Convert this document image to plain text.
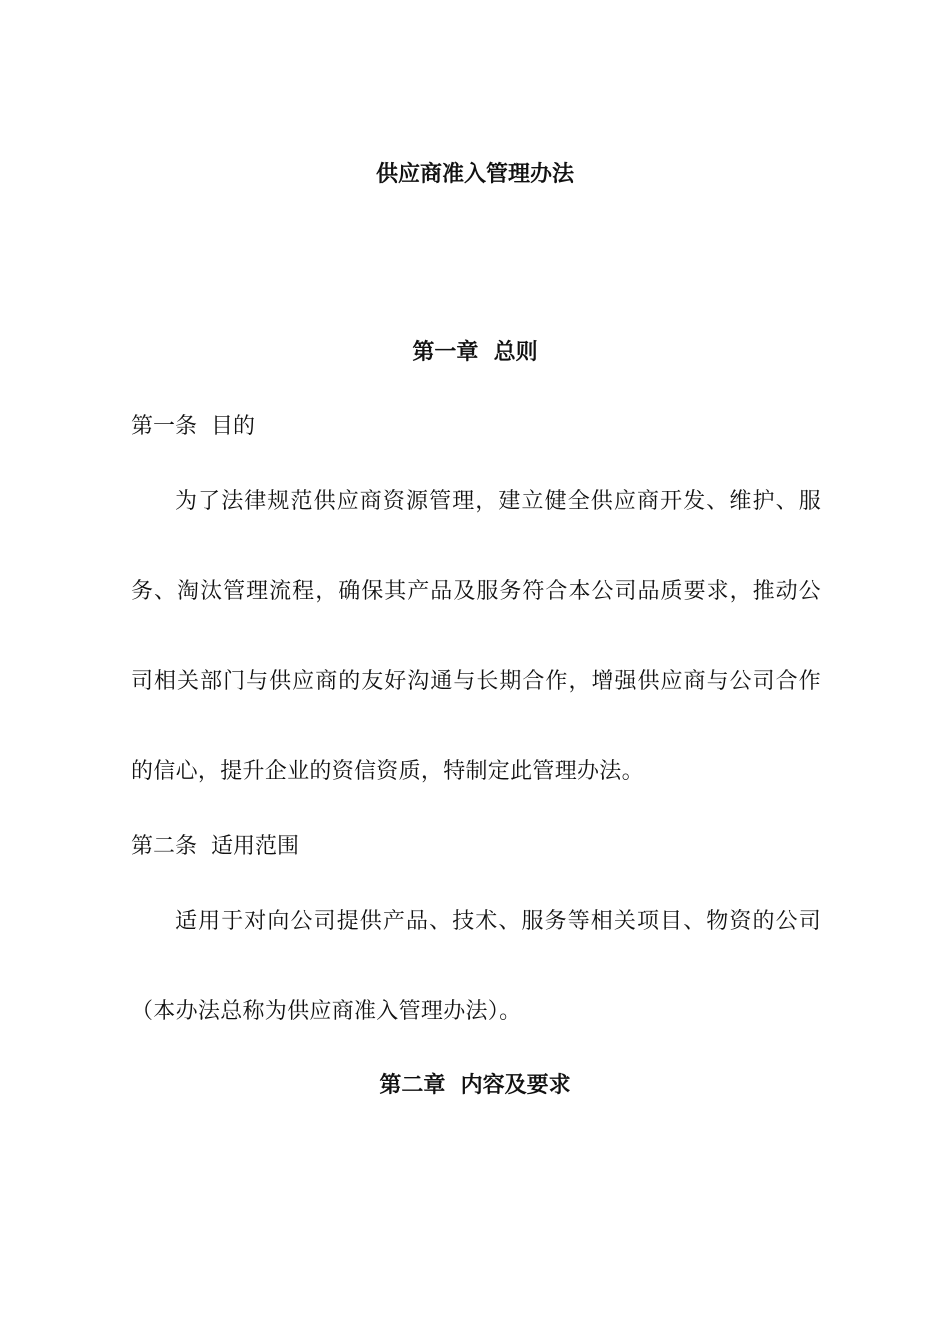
供应商准入管理办法
第一章  总则

第一条  目的

为了法律规范供应商资源管理，建立健全供应商开发、维护、服务、淘汰管理流程，确保其产品及服务符合本公司品质要求，推动公司相关部门与供应商的友好沟通与长期合作，增强供应商与公司合作的信心，提升企业的资信资质，特制定此管理办法。

第二条  适用范围

适用于对向公司提供产品、技术、服务等相关项目、物资的公司（本办法总称为供应商准入管理办法）。

第二章  内容及要求
